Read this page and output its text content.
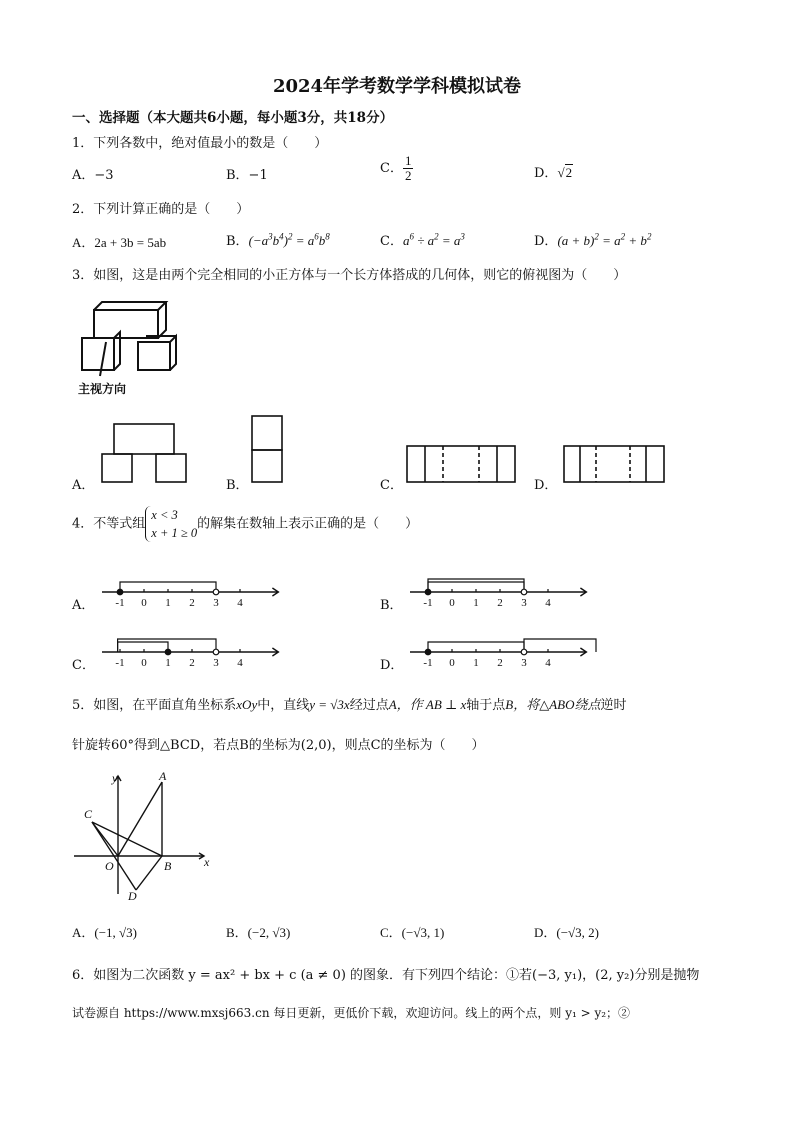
2024年学考数学学科模拟试卷
一、选择题（本大题共6小题，每小题3分，共18分）
1．下列各数中，绝对值最小的数是（　　）
A．−3	B．−1	C． $\frac{1}{2}$	D．√2
2．下列计算正确的是（　　）
A．2a + 3b = 5ab	B．$(-a^3b^4)^2 = a^6b^8$	C．$a^6 \div a^2 = a^3$	D．$(a + b)^2 = a^2 + b^2$
3．如图，这是由两个完全相同的小正方体与一个长方体搭成的几何体，则它的俯视图为（　　）
主视方向
A．	B．	C．	D．
4．不等式组
x < 3
x + 1 ≥ 0
的解集在数轴上表示正确的是（　　）
A． -1 0 1 2 3 4	B． -1 0 1 2 3 4
C． -1 0 1 2 3 4	D． -1 0 1 2 3 4
5．如图，在平面直角坐标系xOy中，直线y = √3x经过点A，作 AB ⊥ x轴于点B，将△ABO绕点逆时
针旋转60°得到△BCD，若点B的坐标为(2,0)，则点C的坐标为（　　）
y
x
A
C
O	B
D
A．(−1, √3)	B．(−2, √3)	C．(−√3, 1)	D．(−√3, 2)
6．如图为二次函数 y = ax² + bx + c (a ≠ 0) 的图象．有下列四个结论：①若(−3, y₁)，(2, y₂)分别是抛物
试卷源自 https://www.mxsj663.cn 每日更新，更低价下载，欢迎访问。线上的两个点，则 y₁ > y₂；②
